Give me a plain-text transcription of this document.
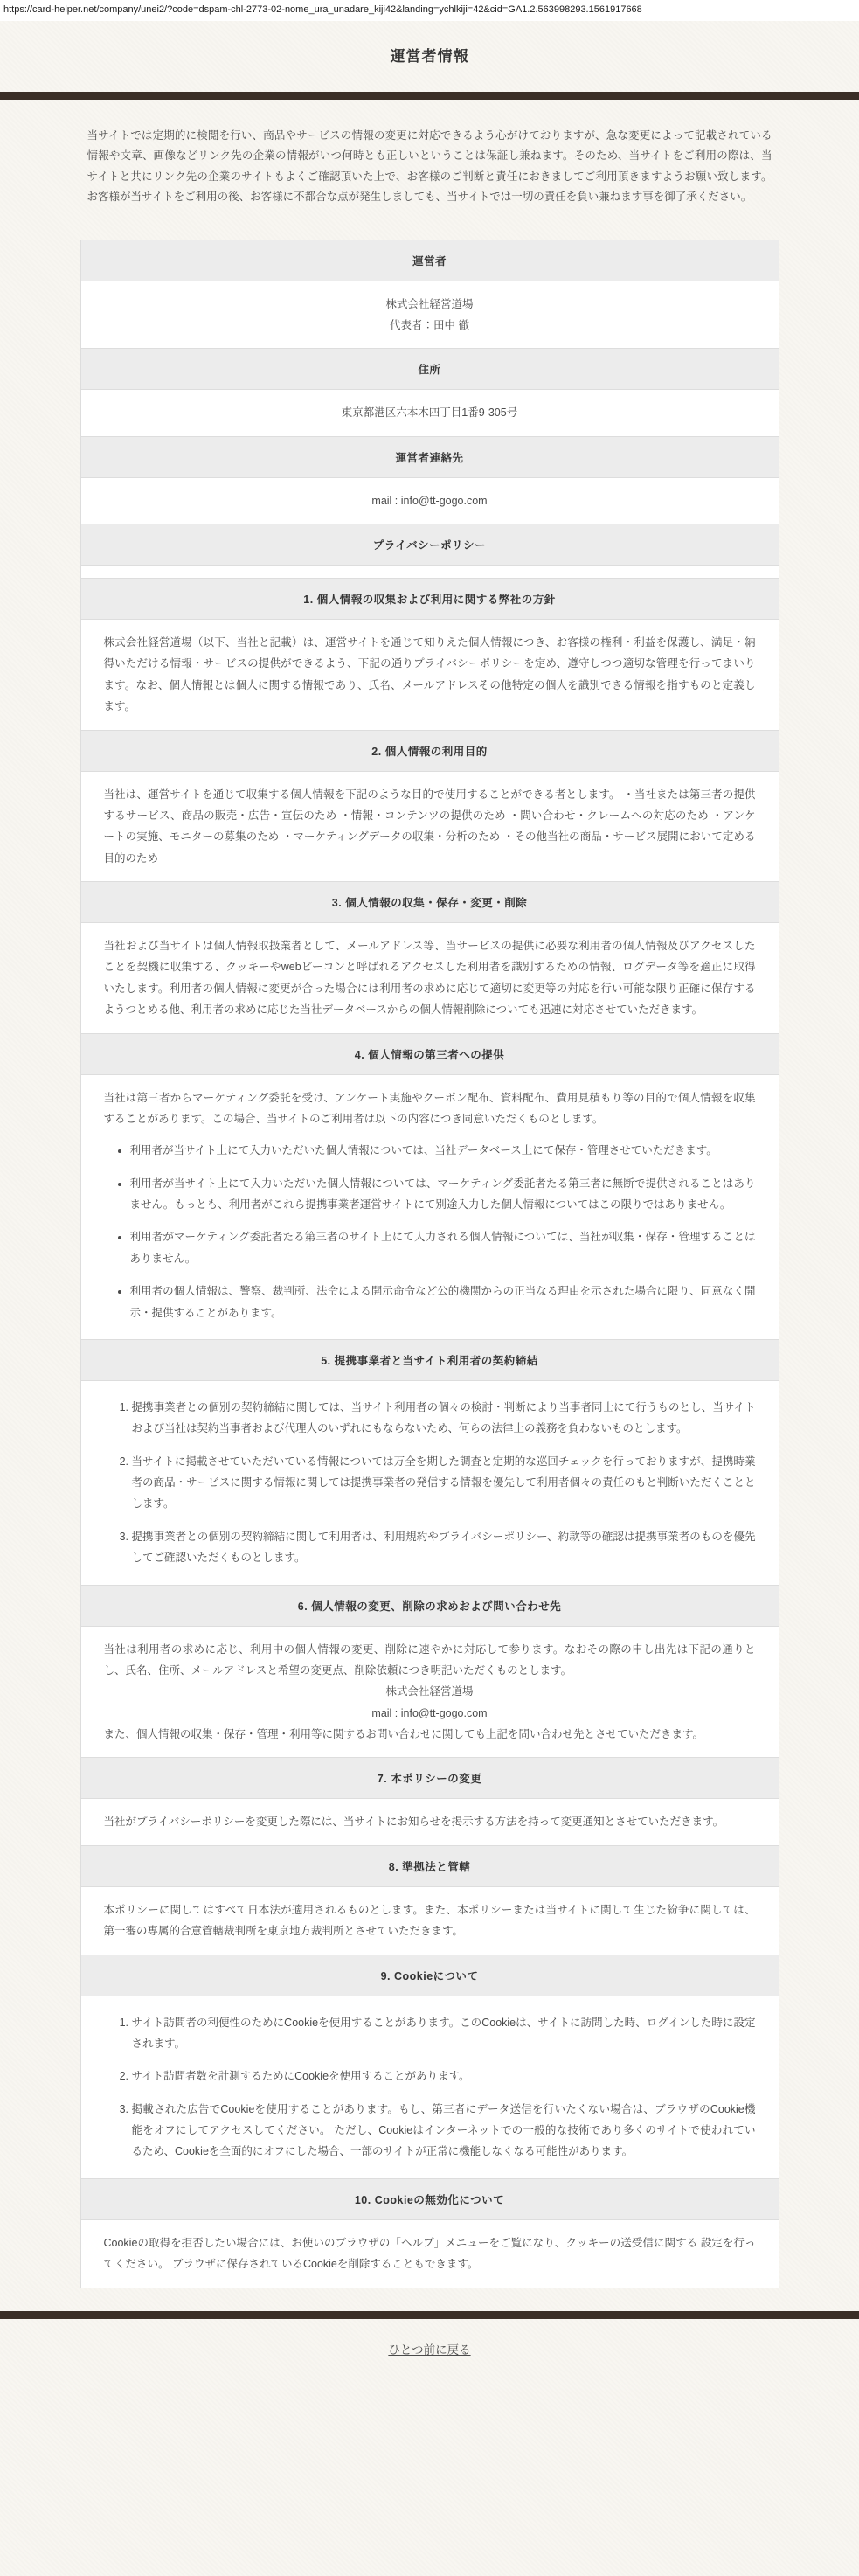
https://card-helper.net/company/unei2/?code=dspam-chl-2773-02-nome_ura_unadare_kiji42&landing=ychlkiji=42&cid=GA1.2.563998293.1561917668
運営者情報

当サイトでは定期的に検閲を行い、商品やサービスの情報の変更に対応できるよう心がけておりますが、急な変更によって記載されている情報や文章、画像などリンク先の企業の情報がいつ何時とも正しいということは保証し兼ねます。そのため、当サイトをご利用の際は、当サイトと共にリンク先の企業のサイトもよくご確認頂いた上で、お客様のご判断と責任におきましてご利用頂きますようお願い致します。お客様が当サイトをご利用の後、お客様に不都合な点が発生しましても、当サイトでは一切の責任を負い兼ねます事を御了承ください。

運営者

株式会社経営道場
代表者：田中 徹

住所
東京都港区六本木四丁目1番9-305号
運営者連絡先
mail : info@tt-gogo.com
プライバシーポリシー

1. 個人情報の収集および利用に関する弊社の方針
株式会社経営道場（以下、当社と記載）は、運営サイトを通じて知りえた個人情報につき、お客様の権利・利益を保護し、満足・納得いただける情報・サービスの提供ができるよう、下記の通りプライバシーポリシーを定め、遵守しつつ適切な管理を行ってまいります。なお、個人情報とは個人に関する情報であり、氏名、メールアドレスその他特定の個人を識別できる情報を指すものと定義します。
2. 個人情報の利用目的
当社は、運営サイトを通じて収集する個人情報を下記のような目的で使用することができる者とします。 ・当社または第三者の提供するサービス、商品の販売・広告・宣伝のため ・情報・コンテンツの提供のため ・問い合わせ・クレームへの対応のため ・アンケートの実施、モニターの募集のため ・マーケティングデータの収集・分析のため ・その他当社の商品・サービス展開において定める目的のため
3. 個人情報の収集・保存・変更・削除
当社および当サイトは個人情報取扱業者として、メールアドレス等、当サービスの提供に必要な利用者の個人情報及びアクセスしたことを契機に収集する、クッキーやwebビーコンと呼ばれるアクセスした利用者を識別するための情報、ログデータ等を適正に取得いたします。利用者の個人情報に変更が合った場合には利用者の求めに応じて適切に変更等の対応を行い可能な限り正確に保存するようつとめる他、利用者の求めに応じた当社データベースからの個人情報削除についても迅速に対応させていただきます。
4. 個人情報の第三者への提供

当社は第三者からマーケティング委託を受け、アンケート実施やクーポン配布、資料配布、費用見積もり等の目的で個人情報を収集することがあります。この場合、当サイトのご利用者は以下の内容につき同意いただくものとします。
• 利用者が当サイト上にて入力いただいた個人情報については、当社データベース上にて保存・管理させていただきます。
• 利用者が当サイト上にて入力いただいた個人情報については、マーケティング委託者たる第三者に無断で提供されることはありません。もっとも、利用者がこれら提携事業者運営サイトにて別途入力した個人情報についてはこの限りではありません。
• 利用者がマーケティング委託者たる第三者のサイト上にて入力される個人情報については、当社が収集・保存・管理することはありません。
• 利用者の個人情報は、警察、裁判所、法令による開示命令など公的機関からの正当なる理由を示された場合に限り、同意なく開示・提供することがあります。

5. 提携事業者と当サイト利用者の契約締結

1. 提携事業者との個別の契約締結に関しては、当サイト利用者の個々の検討・判断により当事者同士にて行うものとし、当サイトおよび当社は契約当事者および代理人のいずれにもならないため、何らの法律上の義務を負わないものとします。
2. 当サイトに掲載させていただいている情報については万全を期した調査と定期的な巡回チェックを行っておりますが、提携時業者の商品・サービスに関する情報に関しては提携事業者の発信する情報を優先して利用者個々の責任のもと判断いただくこととします。
3. 提携事業者との個別の契約締結に関して利用者は、利用規約やプライバシーポリシー、約款等の確認は提携事業者のものを優先してご確認いただくものとします。

6. 個人情報の変更、削除の求めおよび問い合わせ先

当社は利用者の求めに応じ、利用中の個人情報の変更、削除に速やかに対応して参ります。なおその際の申し出先は下記の通りとし、氏名、住所、メールアドレスと希望の変更点、削除依頼につき明記いただくものとします。
株式会社経営道場
mail : info@tt-gogo.com
また、個人情報の収集・保存・管理・利用等に関するお問い合わせに関しても上記を問い合わせ先とさせていただきます。

7. 本ポリシーの変更
当社がプライバシーポリシーを変更した際には、当サイトにお知らせを掲示する方法を持って変更通知とさせていただきます。
8. 準拠法と管轄
本ポリシーに関してはすべて日本法が適用されるものとします。また、本ポリシーまたは当サイトに関して生じた紛争に関しては、第一審の専属的合意管轄裁判所を東京地方裁判所とさせていただきます。
9. Cookieについて

1. サイト訪問者の利便性のためにCookieを使用することがあります。このCookieは、サイトに訪問した時、ログインした時に設定されます。
2. サイト訪問者数を計測するためにCookieを使用することがあります。
3. 掲載された広告でCookieを使用することがあります。もし、第三者にデータ送信を行いたくない場合は、ブラウザのCookie機能をオフにしてアクセスしてください。 ただし、Cookieはインターネットでの一般的な技術であり多くのサイトで使われているため、Cookieを全面的にオフにした場合、一部のサイトが正常に機能しなくなる可能性があります。

10. Cookieの無効化について
Cookieの取得を拒否したい場合には、お使いのブラウザの「ヘルプ」メニューをご覧になり、クッキーの送受信に関する 設定を行ってください。 ブラウザに保存されているCookieを削除することもできます。
ひとつ前に戻る
